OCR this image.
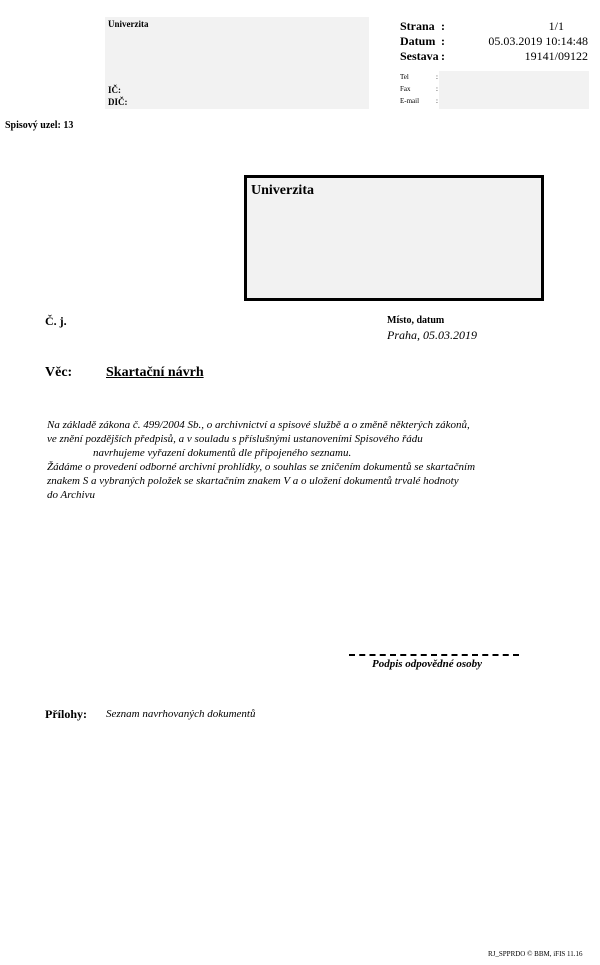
Univerzita
IČ:
DIČ:
Strana :	1/1
Datum :	05.03.2019 10:14:48
Sestava :	19141/09122
Tel	:
Fax	:
E-mail :
Spisový uzel: 13
Univerzita
Č. j.	Místo, datum
Praha, 05.03.2019
Věc: Skartační návrh
Na základě zákona č. 499/2004 Sb., o archivnictví a spisové službě a o změně některých zákonů,
ve znění pozdějších předpisů, a v souladu s příslušnými ustanoveními Spisového řádu
navrhujeme vyřazení dokumentů dle připojeného seznamu.
Žádáme o provedení odborné archivní prohlídky, o souhlas se zničením dokumentů se skartačním
znakem S a vybraných položek se skartačním znakem V a o uložení dokumentů trvalé hodnoty
do Archivu
Podpis odpovědné osoby
Přílohy: Seznam navrhovaných dokumentů
RJ_SPPRDO © BBM, iFIS 11.16
